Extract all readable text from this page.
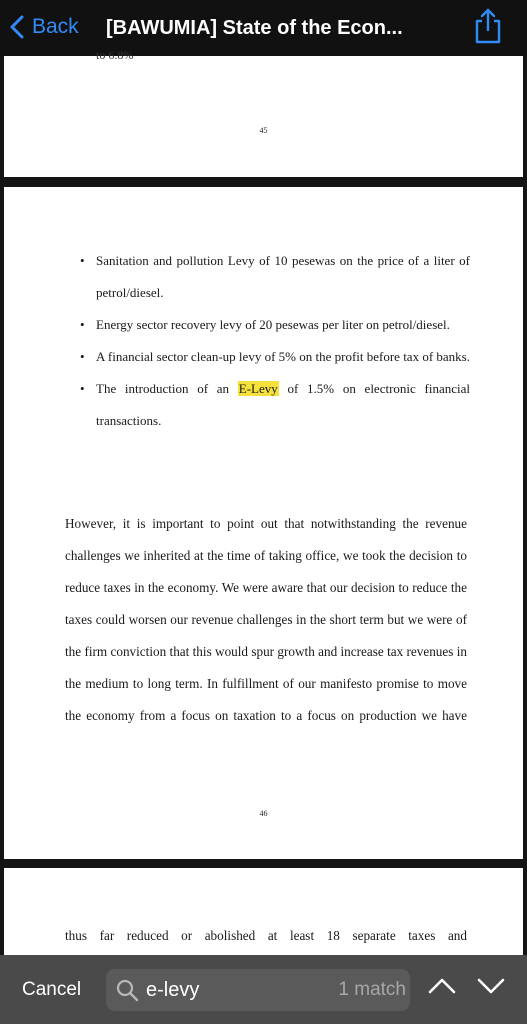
Back [BAWUMIA] State of the Econ...
to 6.8%
45
• Sanitation and pollution Levy of 10 pesewas on the price of a liter of petrol/diesel.
• Energy sector recovery levy of 20 pesewas per liter on petrol/diesel.
• A financial sector clean-up levy of 5% on the profit before tax of banks.
• The introduction of an E-Levy of 1.5% on electronic financial transactions.

However, it is important to point out that notwithstanding the revenue challenges we inherited at the time of taking office, we took the decision to reduce taxes in the economy. We were aware that our decision to reduce the taxes could worsen our revenue challenges in the short term but we were of the firm conviction that this would spur growth and increase tax revenues in the medium to long term. In fulfillment of our manifesto promise to move the economy from a focus on taxation to a focus on production we have

46

thus far reduced or abolished at least 18 separate taxes and

Cancel
e-levy	1 match
